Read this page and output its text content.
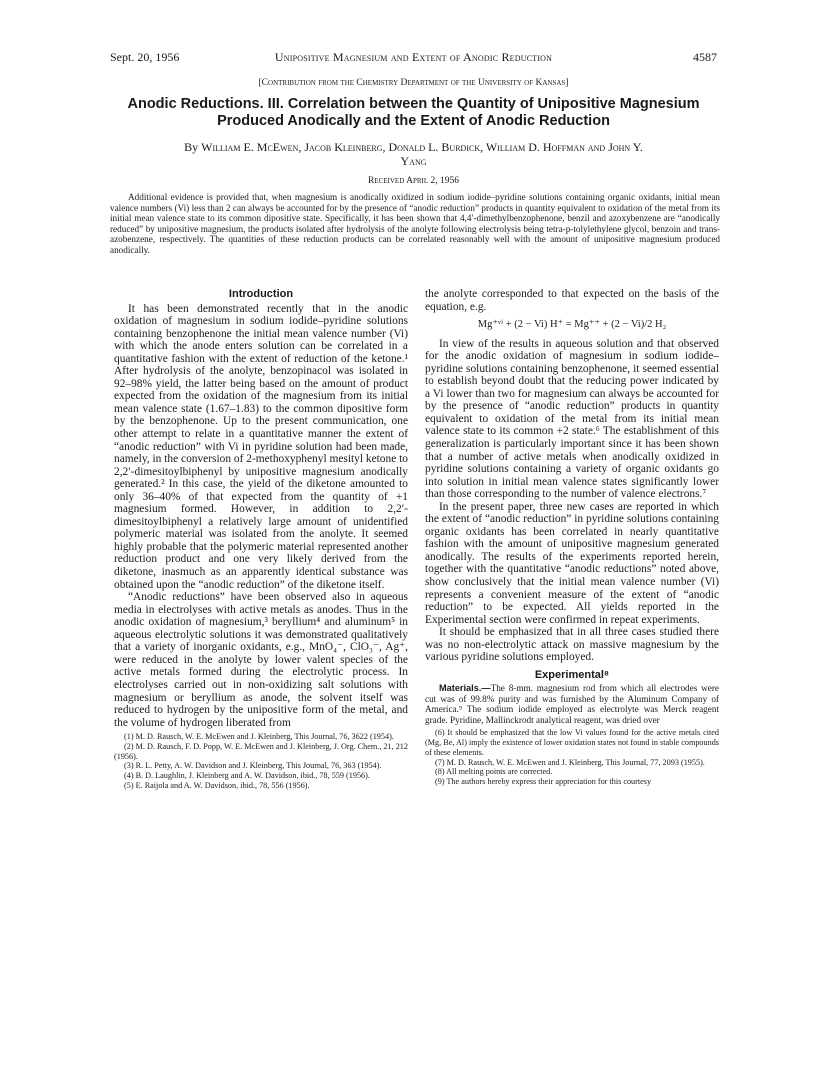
Sept. 20, 1956	Unipositive Magnesium and Extent of Anodic Reduction	4587
[Contribution from the Chemistry Department of the University of Kansas]
Anodic Reductions. III. Correlation between the Quantity of Unipositive Magnesium
Produced Anodically and the Extent of Anodic Reduction
By William E. McEwen, Jacob Kleinberg, Donald L. Burdick, William D. Hoffman and John Y.
Yang
Received April 2, 1956

Additional evidence is provided that, when magnesium is anodically oxidized in sodium iodide–pyridine solutions containing organic oxidants, initial mean valence numbers (Vi) less than 2 can always be accounted for by the presence of “anodic reduction” products in quantity equivalent to oxidation of the metal from its initial mean valence state to its common dipositive state. Specifically, it has been shown that 4,4′-dimethylbenzophenone, benzil and azoxybenzene are “anodically reduced” by unipositive magnesium, the products isolated after hydrolysis of the anolyte following electrolysis being tetra-p-tolylethylene glycol, benzoin and trans-azobenzene, respectively. The quantities of these reduction products can be correlated reasonably well with the amount of unipositive magnesium produced anodically.

Introduction

It has been demonstrated recently that in the anodic oxidation of magnesium in sodium iodide–pyridine solutions containing benzophenone the initial mean valence number (Vi) with which the anode enters solution can be correlated in a quantitative fashion with the extent of reduction of the ketone.¹ After hydrolysis of the anolyte, benzopinacol was isolated in 92–98% yield, the latter being based on the amount of product expected from the oxidation of the magnesium from its initial mean valence state (1.67–1.83) to the common dipositive form by the benzophenone. Up to the present communication, one other attempt to relate in a quantitative manner the extent of “anodic reduction” with Vi in pyridine solution had been made, namely, in the conversion of 2-methoxyphenyl mesityl ketone to 2,2′-dimesitoylbiphenyl by unipositive magnesium anodically generated.² In this case, the yield of the diketone amounted to only 36–40% of that expected from the quantity of +1 magnesium formed. However, in addition to 2,2′-dimesitoylbiphenyl a relatively large amount of unidentified polymeric material was isolated from the anolyte. It seemed highly probable that the polymeric material represented another reduction product and one very likely derived from the diketone, inasmuch as an apparently identical substance was obtained upon the “anodic reduction” of the diketone itself.

“Anodic reductions” have been observed also in aqueous media in electrolyses with active metals as anodes. Thus in the anodic oxidation of magnesium,³ beryllium⁴ and aluminum⁵ in aqueous electrolytic solutions it was demonstrated qualitatively that a variety of inorganic oxidants, e.g., MnO₄⁻, ClO₃⁻, Ag⁺, were reduced in the anolyte by lower valent species of the active metals formed during the electrolytic process. In electrolyses carried out in non-oxidizing salt solutions with magnesium or beryllium as anode, the solvent itself was reduced to hydrogen by the unipositive form of the metal, and the volume of hydrogen liberated from

(1) M. D. Rausch, W. E. McEwen and J. Kleinberg, This Journal, 76, 3622 (1954).
(2) M. D. Rausch, F. D. Popp, W. E. McEwen and J. Kleinberg, J. Org. Chem., 21, 212 (1956).
(3) R. L. Petty, A. W. Davidson and J. Kleinberg, This Journal, 76, 363 (1954).
(4) B. D. Laughlin, J. Kleinberg and A. W. Davidson, ibid., 78, 559 (1956).
(5) E. Raijola and A. W. Davidson, ibid., 78, 556 (1956).

the anolyte corresponded to that expected on the basis of the equation, e.g.

Mg⁺ᵛⁱ + (2 − Vi) H⁺ = Mg⁺⁺ + (2 − Vi)/2 H₂

In view of the results in aqueous solution and that observed for the anodic oxidation of magnesium in sodium iodide–pyridine solutions containing benzophenone, it seemed essential to establish beyond doubt that the reducing power indicated by a Vi lower than two for magnesium can always be accounted for by the presence of “anodic reduction” products in quantity equivalent to oxidation of the metal from its initial mean valence state to its common +2 state.⁶ The establishment of this generalization is particularly important since it has been shown that a number of active metals when anodically oxidized in pyridine solutions containing a variety of organic oxidants go into solution in initial mean valence states significantly lower than those corresponding to the number of valence electrons.⁷

In the present paper, three new cases are reported in which the extent of “anodic reduction” in pyridine solutions containing organic oxidants has been correlated in nearly quantitative fashion with the amount of unipositive magnesium generated anodically. The results of the experiments reported herein, together with the quantitative “anodic reductions” noted above, show conclusively that the initial mean valence number (Vi) represents a convenient measure of the extent of “anodic reduction” to be expected. All yields reported in the Experimental section were confirmed in repeat experiments.

It should be emphasized that in all three cases studied there was no non-electrolytic attack on massive magnesium by the various pyridine solutions employed.

Experimental⁸

Materials.—The 8-mm. magnesium rod from which all electrodes were cut was of 99.8% purity and was furnished by the Aluminum Company of America.⁹ The sodium iodide employed as electrolyte was Merck reagent grade. Pyridine, Mallinckrodt analytical reagent, was dried over

(6) It should be emphasized that the low Vi values found for the active metals cited (Mg, Be, Al) imply the existence of lower oxidation states not found in stable compounds of these elements.
(7) M. D. Rausch, W. E. McEwen and J. Kleinberg, This Journal, 77, 2093 (1955).
(8) All melting points are corrected.
(9) The authors hereby express their appreciation for this courtesy
